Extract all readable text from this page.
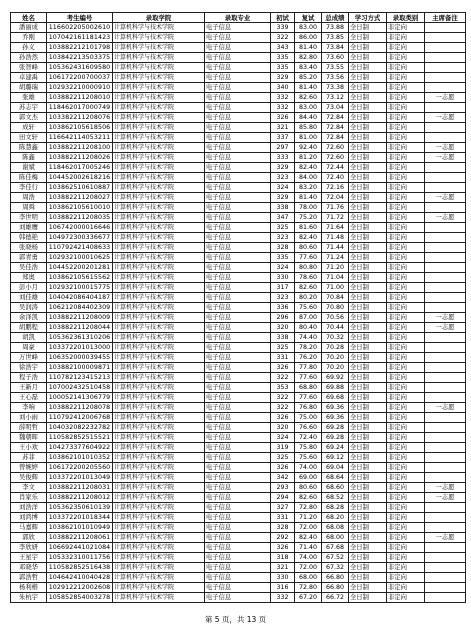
姓名	考生编号	录取学院	录取专业	初试	复试	总成绩	学习方式	录取类别	主席备注
潘丽成	116602205002610	计算机科学与技术学院	电子信息	339	83.00	73.88	全日制	非定向	
乔刚	107042161181423	计算机科学与技术学院	电子信息	322	86.00	73.85	全日制	非定向	
孙义	103882212101798	计算机科学与技术学院	电子信息	343	81.40	73.84	全日制	非定向	
孙浩然	103842213503375	计算机科学与技术学院	电子信息	335	82.80	73.60	全日制	非定向	
张智峰	105362431609580	计算机科学与技术学院	电子信息	335	83.40	73.55	全日制	非定向	
卓建禹	106172200700037	计算机科学与技术学院	电子信息	329	85.20	73.56	全日制	非定向	
胡璐瑞	102932210000910	计算机科学与技术学院	电子信息	340	81.40	73.38	全日制	非定向	
张雄	103882211208010	计算机科学与技术学院	电子信息	332	82.60	73.12	全日制	非定向	一志愿
苏志宇	118462017000749	计算机科学与技术学院	电子信息	332	83.00	73.04	全日制	非定向	
郭文杰	103382211208076	计算机科学与技术学院	电子信息	326	84.40	72.84	全日制	非定向	一志愿
成轩	103862105618506	计算机科学与技术学院	电子信息	321	85.80	72.84	全日制	非定向	
田文轩	116642114053211	计算机科学与技术学院	电子信息	337	81.00	72.84	全日制	非定向	
陈慧鑫	103882211208100	计算机科学与技术学院	电子信息	297	92.40	72.60	全日制	非定向	一志愿
陈鑫	103882211208026	计算机科学与技术学院	电子信息	333	81.20	72.60	全日制	非定向	一志愿
谢斌	118462017005246	计算机科学与技术学院	电子信息	329	82.40	72.44	全日制	非定向	
陈佳梅	104452002618216	计算机科学与技术学院	电子信息	323	84.00	72.40	全日制	非定向	
李佳行	103862510610887	计算机科学与技术学院	电子信息	324	83.20	72.16	全日制	非定向	
周浩	103882211208027	计算机科学与技术学院	电子信息	329	81.40	72.04	全日制	非定向	一志愿
周舜	103862105610010	计算机科学与技术学院	电子信息	338	78.00	71.76	全日制	非定向	
李世明	103882211208035	计算机科学与技术学院	电子信息	347	75.20	71.72	全日制	非定向	一志愿
刘雄鹰	106742000016646	计算机科学与技术学院	电子信息	325	81.60	71.64	全日制	非定向	
韩德艳	104972300336677	计算机科学与技术学院	电子信息	323	82.40	71.48	全日制	非定向	
张晓杨	110792421408633	计算机科学与技术学院	电子信息	328	80.60	71.44	全日制	非定向	
郭青勇	102932100010625	计算机科学与技术学院	电子信息	335	77.60	71.24	全日制	非定向	
吴佳浩	104452200201281	计算机科学与技术学院	电子信息	324	80.80	71.20	全日制	非定向	
郑奥	103862105615562	计算机科学与技术学院	电子信息	330	78.60	71.04	全日制	非定向	
彭小月	102932100015775	计算机科学与技术学院	电子信息	317	82.60	71.00	全日制	非定向	
刘佳雄	104042086404187	计算机科学与技术学院	电子信息	323	80.20	70.84	全日制	非定向	
吴润涛	106212084402309	计算机科学与技术学院	电子信息	336	75.60	70.80	全日制	非定向	
余泽凯	103882211208009	计算机科学与技术学院	电子信息	296	87.00	70.56	全日制	非定向	一志愿
胡鹏程	103882211208044	计算机科学与技术学院	电子信息	320	80.40	70.44	全日制	非定向	一志愿
胡凯	105362361310206	计算机科学与技术学院	电子信息	338	74.40	70.32	全日制	非定向	
周豪	103372201013000	计算机科学与技术学院	电子信息	325	78.20	70.28	全日制	非定向	
万世峰	106352000039455	计算机科学与技术学院	电子信息	331	76.20	70.20	全日制	非定向	
徐浩宇	103882100009871	计算机科学与技术学院	电子信息	326	77.80	70.20	全日制	非定向	
程子浩	110782123415213	计算机科学与技术学院	电子信息	322	77.60	69.92	全日制	非定向	
王新月	107002432510458	计算机科学与技术学院	电子信息	353	68.80	69.88	全日制	非定向	
王心磊	100052141306779	计算机科学与技术学院	电子信息	322	77.60	69.68	全日制	非定向	
李响	103882211208078	计算机科学与技术学院	电子信息	322	76.80	69.36	全日制	非定向	一志愿
刘小雨	110792412006768	计算机科学与技术学院	电子信息	326	75.00	69.36	全日制	非定向	
薛明哲	104032082232782	计算机科学与技术学院	电子信息	320	76.60	69.28	全日制	非定向	
魏朝晖	110582852515521	计算机科学与技术学院	电子信息	324	72.40	69.28	全日制	非定向	
王小欢	104273377604922	计算机科学与技术学院	电子信息	319	75.80	69.24	全日制	非定向	
苏菲	103862101010352	计算机科学与技术学院	电子信息	325	75.60	69.12	全日制	非定向	
曾婉婷	106172200205560	计算机科学与技术学院	电子信息	326	74.00	69.04	全日制	非定向	
吴俊辉	103372201013049	计算机科学与技术学院	电子信息	342	69.00	68.64	全日制	非定向	
李文	103882211208031	计算机科学与技术学院	电子信息	293	80.60	68.60	全日制	非定向	一志愿
肖家乐	103882211208012	计算机科学与技术学院	电子信息	294	82.60	68.52	全日制	非定向	一志愿
刘浩洋	105362350610139	计算机科学与技术学院	电子信息	327	72.80	68.28	全日制	非定向	
刘鸿博	103372201018344	计算机科学与技术学院	电子信息	331	71.20	68.20	全日制	非定向	
马嘉辉	103862101010949	计算机科学与技术学院	电子信息	328	72.00	68.08	全日制	非定向	
郭欣	103882211208061	计算机科学与技术学院	电子信息	292	82.40	68.00	全日制	非定向	一志愿
李欣妍	106692441021084	计算机科学与技术学院	电子信息	326	71.40	67.68	全日制	非定向	
王星宇	105332310011756	计算机科学与技术学院	电子信息	318	74.00	67.52	全日制	非定向	
邓晓华	110582852516438	计算机科学与技术学院	电子信息	321	72.00	67.32	全日制	非定向	
郭浩哲	104642410040428	计算机科学与技术学院	电子信息	330	68.00	66.80	全日制	非定向	
杨利楷	102912212002608	计算机科学与技术学院	电子信息	316	72.80	66.80	全日制	非定向	
朱杭宇	105852854003278	计算机科学与技术学院	电子信息	332	67.20	66.72	全日制	非定向	
第 5 页，共 13 页
